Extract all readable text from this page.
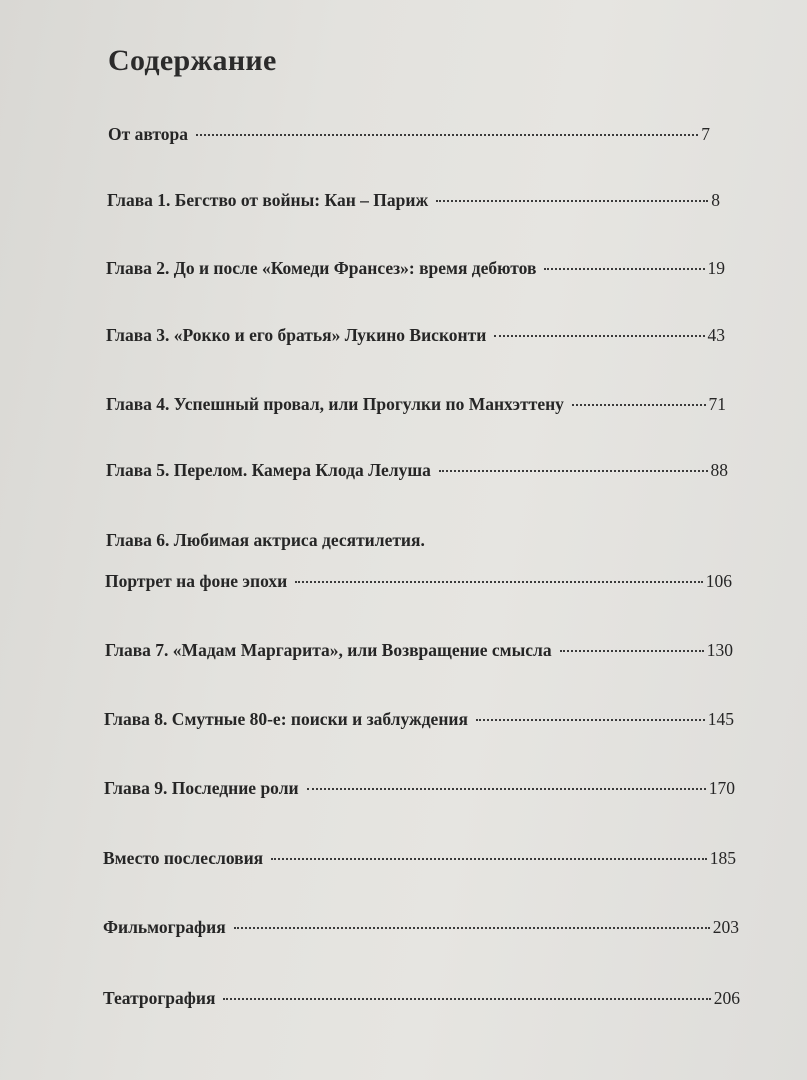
Содержание
От автора	7
Глава 1. Бегство от войны: Кан – Париж	8
Глава 2. До и после «Комеди Франсез»: время дебютов	19
Глава 3. «Рокко и его братья» Лукино Висконти	43
Глава 4. Успешный провал, или Прогулки по Манхэттену	71
Глава 5. Перелом. Камера Клода Лелуша	88
Глава 6. Любимая актриса десятилетия.
Портрет на фоне эпохи	106
Глава 7. «Мадам Маргарита», или Возвращение смысла	130
Глава 8. Смутные 80-е: поиски и заблуждения	145
Глава 9. Последние роли	170
Вместо послесловия	185
Фильмография	203
Театрография	206
